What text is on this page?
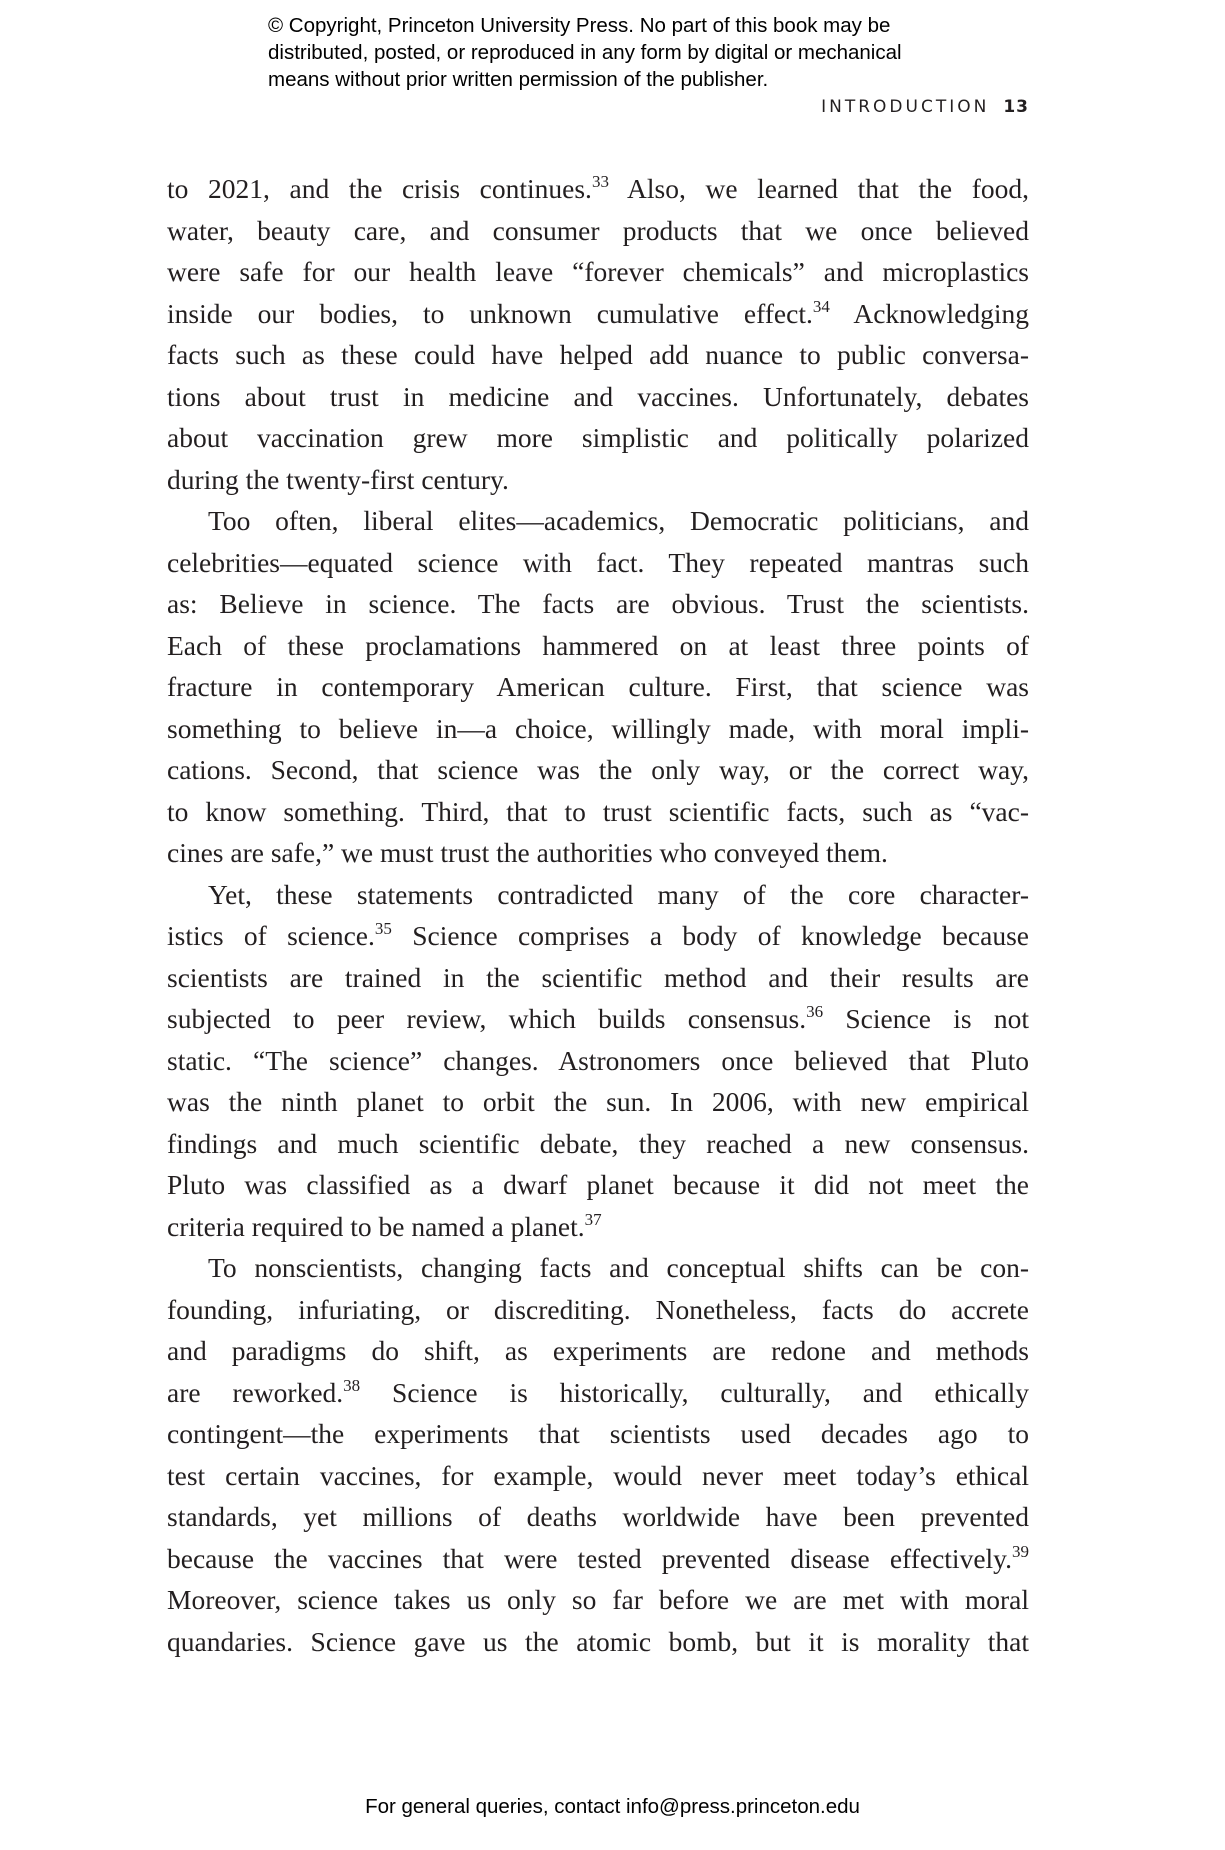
© Copyright, Princeton University Press. No part of this book may be
distributed, posted, or reproduced in any form by digital or mechanical
means without prior written permission of the publisher.
INTRODUCTION 13
to 2021, and the crisis continues.$^{33}$ Also, we learned that the food,
water, beauty care, and consumer products that we once believed
were safe for our health leave “forever chemicals” and microplastics
inside our bodies, to unknown cumulative effect.$^{34}$ Acknowledging
facts such as these could have helped add nuance to public conversa-
tions about trust in medicine and vaccines. Unfortunately, debates
about vaccination grew more simplistic and politically polarized
during the twenty-first century.
Too often, liberal elites—academics, Democratic politicians, and
celebrities—equated science with fact. They repeated mantras such
as: Believe in science. The facts are obvious. Trust the scientists.
Each of these proclamations hammered on at least three points of
fracture in contemporary American culture. First, that science was
something to believe in—a choice, willingly made, with moral impli-
cations. Second, that science was the only way, or the correct way,
to know something. Third, that to trust scientific facts, such as “vac-
cines are safe,” we must trust the authorities who conveyed them.
Yet, these statements contradicted many of the core character-
istics of science.$^{35}$ Science comprises a body of knowledge because
scientists are trained in the scientific method and their results are
subjected to peer review, which builds consensus.$^{36}$ Science is not
static. “The science” changes. Astronomers once believed that Pluto
was the ninth planet to orbit the sun. In 2006, with new empirical
findings and much scientific debate, they reached a new consensus.
Pluto was classified as a dwarf planet because it did not meet the
criteria required to be named a planet.$^{37}$
To nonscientists, changing facts and conceptual shifts can be con-
founding, infuriating, or discrediting. Nonetheless, facts do accrete
and paradigms do shift, as experiments are redone and methods
are reworked.$^{38}$ Science is historically, culturally, and ethically
contingent—the experiments that scientists used decades ago to
test certain vaccines, for example, would never meet today’s ethical
standards, yet millions of deaths worldwide have been prevented
because the vaccines that were tested prevented disease effectively.$^{39}$
Moreover, science takes us only so far before we are met with moral
quandaries. Science gave us the atomic bomb, but it is morality that
For general queries, contact info@press.princeton.edu
